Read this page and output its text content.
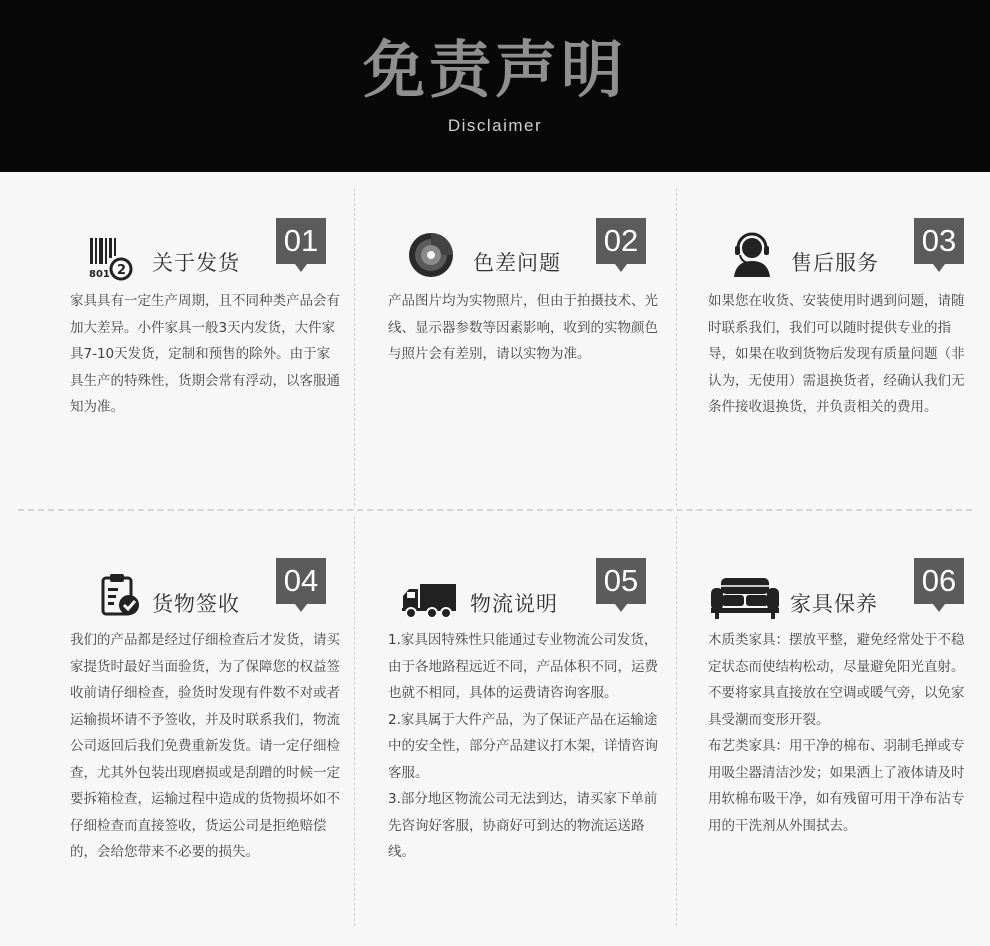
免责声明
Disclaimer
801 2 关于发货
01

家具具有一定生产周期，且不同种类产品会有加大差异。小件家具一般3天内发货，大件家具7-10天发货，定制和预售的除外。由于家具生产的特殊性，货期会常有浮动，以客服通知为准。

色差问题
02

产品图片均为实物照片，但由于拍摄技术、光线、显示器参数等因素影响，收到的实物颜色与照片会有差别，请以实物为准。

售后服务
03

如果您在收货、安装使用时遇到问题，请随时联系我们，我们可以随时提供专业的指导，如果在收到货物后发现有质量问题（非认为，无使用）需退换货者，经确认我们无条件接收退换货，并负责相关的费用。

货物签收
04

我们的产品都是经过仔细检查后才发货，请买家提货时最好当面验货，为了保障您的权益签收前请仔细检查，验货时发现有件数不对或者运输损坏请不予签收，并及时联系我们，物流公司返回后我们免费重新发货。请一定仔细检查，尤其外包装出现磨损或是刮蹭的时候一定要拆箱检查，运输过程中造成的货物损坏如不仔细检查而直接签收，货运公司是拒绝赔偿的，会给您带来不必要的损失。

物流说明
05

1.家具因特殊性只能通过专业物流公司发货，由于各地路程远近不同，产品体积不同，运费也就不相同，具体的运费请咨询客服。

2.家具属于大件产品，为了保证产品在运输途中的安全性，部分产品建议打木架，详情咨询客服。

3.部分地区物流公司无法到达，请买家下单前先咨询好客服，协商好可到达的物流运送路线。

家具保养
06

木质类家具：摆放平整，避免经常处于不稳定状态而使结构松动，尽量避免阳光直射。不要将家具直接放在空调或暖气旁，以免家具受潮而变形开裂。

布艺类家具：用干净的棉布、羽制毛掸或专用吸尘器清洁沙发；如果洒上了液体请及时用软棉布吸干净，如有残留可用干净布沾专用的干洗剂从外围拭去。
